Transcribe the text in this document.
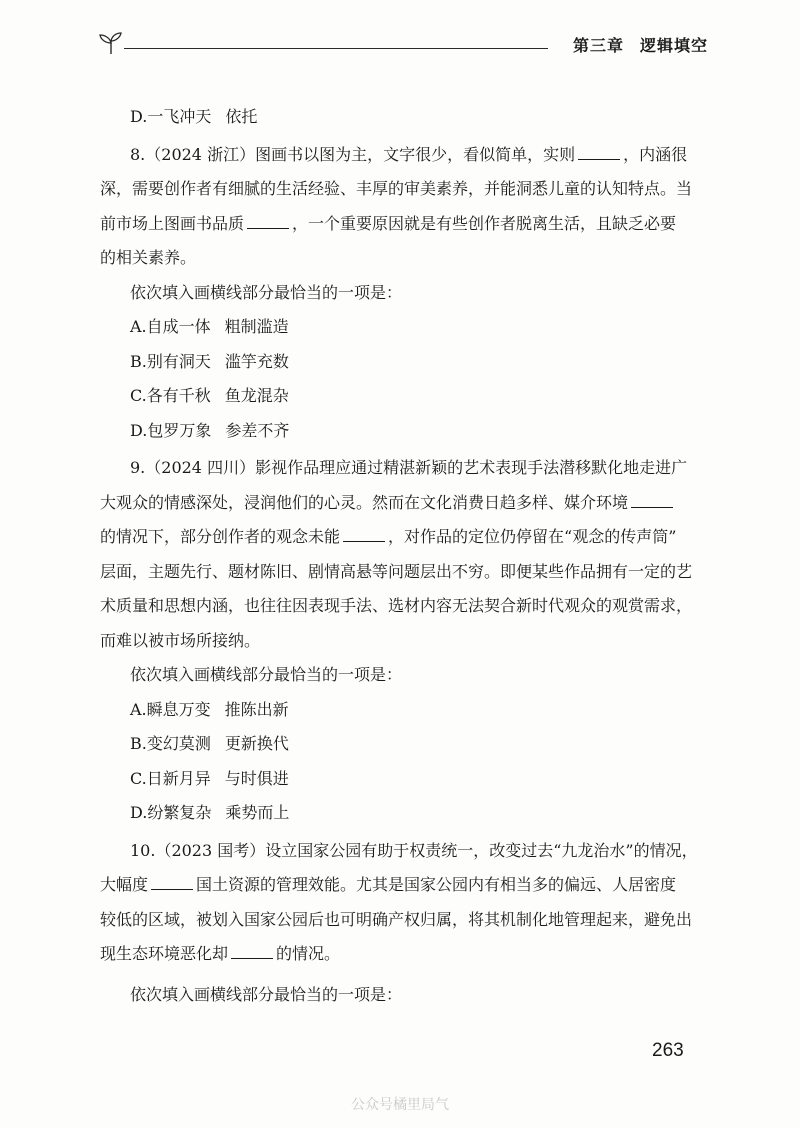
第三章 逻辑填空
D.一飞冲天 依托
8.（2024 浙江）图画书以图为主，文字很少，看似简单，实则	，内涵很
深，需要创作者有细腻的生活经验、丰厚的审美素养，并能洞悉儿童的认知特点。当
前市场上图画书品质	，一个重要原因就是有些创作者脱离生活，且缺乏必要
的相关素养。
依次填入画横线部分最恰当的一项是：
A.自成一体 粗制滥造
B.别有洞天 滥竽充数
C.各有千秋 鱼龙混杂
D.包罗万象 参差不齐
9.（2024 四川）影视作品理应通过精湛新颖的艺术表现手法潜移默化地走进广
大观众的情感深处，浸润他们的心灵。然而在文化消费日趋多样、媒介环境
的情况下，部分创作者的观念未能	，对作品的定位仍停留在“观念的传声筒”
层面，主题先行、题材陈旧、剧情高悬等问题层出不穷。即便某些作品拥有一定的艺
术质量和思想内涵，也往往因表现手法、选材内容无法契合新时代观众的观赏需求，
而难以被市场所接纳。
依次填入画横线部分最恰当的一项是：
A.瞬息万变 推陈出新
B.变幻莫测 更新换代
C.日新月异 与时俱进
D.纷繁复杂 乘势而上
10.（2023 国考）设立国家公园有助于权责统一，改变过去“九龙治水”的情况，
大幅度	国土资源的管理效能。尤其是国家公园内有相当多的偏远、人居密度
较低的区域，被划入国家公园后也可明确产权归属，将其机制化地管理起来，避免出
现生态环境恶化却	的情况。
依次填入画横线部分最恰当的一项是：
263
公众号橘里局气
